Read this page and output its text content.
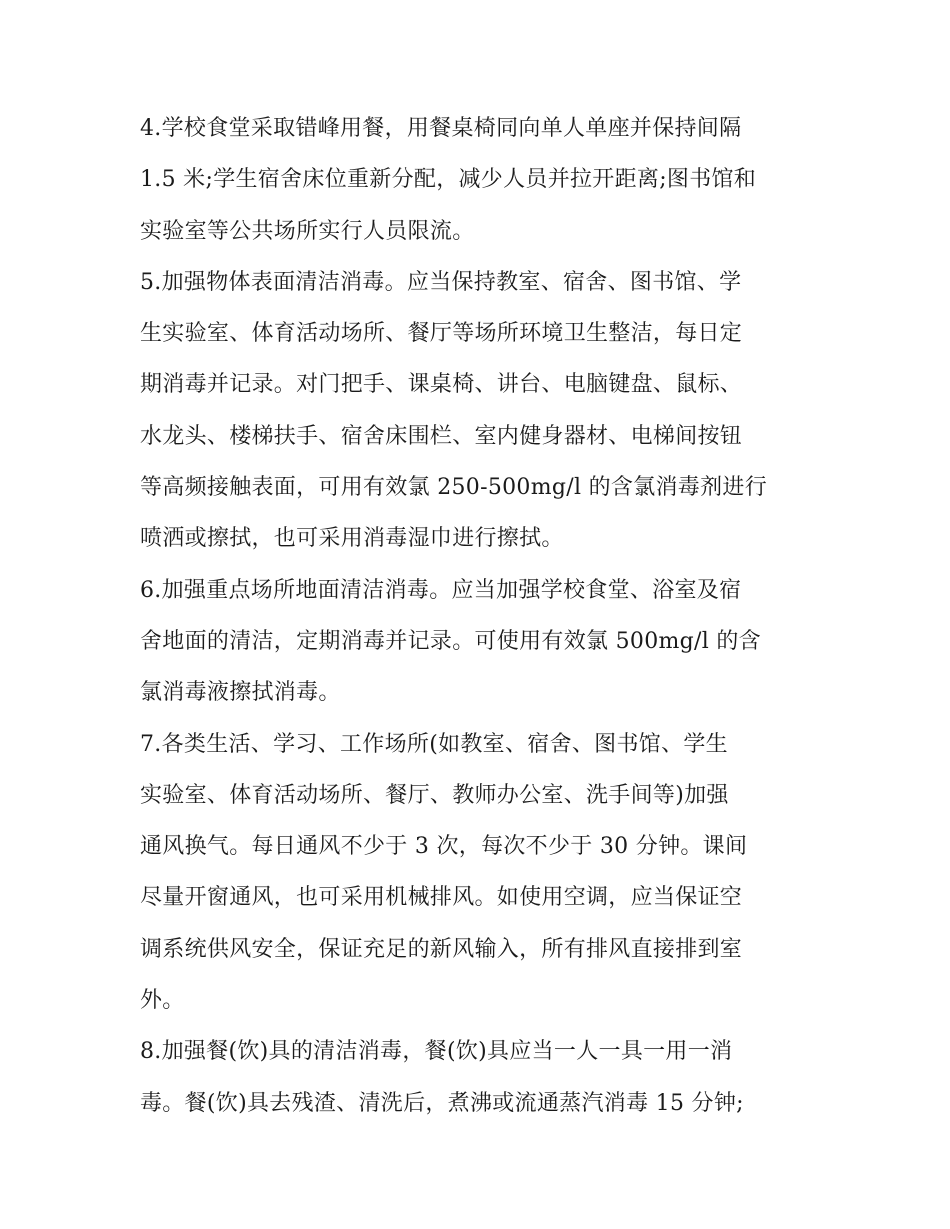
4.学校食堂采取错峰用餐，用餐桌椅同向单人单座并保持间隔
1.5 米;学生宿舍床位重新分配，减少人员并拉开距离;图书馆和
实验室等公共场所实行人员限流。
5.加强物体表面清洁消毒。应当保持教室、宿舍、图书馆、学
生实验室、体育活动场所、餐厅等场所环境卫生整洁，每日定
期消毒并记录。对门把手、课桌椅、讲台、电脑键盘、鼠标、
水龙头、楼梯扶手、宿舍床围栏、室内健身器材、电梯间按钮
等高频接触表面，可用有效氯 250-500mg/l 的含氯消毒剂进行
喷洒或擦拭，也可采用消毒湿巾进行擦拭。
6.加强重点场所地面清洁消毒。应当加强学校食堂、浴室及宿
舍地面的清洁，定期消毒并记录。可使用有效氯 500mg/l 的含
氯消毒液擦拭消毒。
7.各类生活、学习、工作场所(如教室、宿舍、图书馆、学生
实验室、体育活动场所、餐厅、教师办公室、洗手间等)加强
通风换气。每日通风不少于 3 次，每次不少于 30 分钟。课间
尽量开窗通风，也可采用机械排风。如使用空调，应当保证空
调系统供风安全，保证充足的新风输入，所有排风直接排到室
外。
8.加强餐(饮)具的清洁消毒，餐(饮)具应当一人一具一用一消
毒。餐(饮)具去残渣、清洗后，煮沸或流通蒸汽消毒 15 分钟;
